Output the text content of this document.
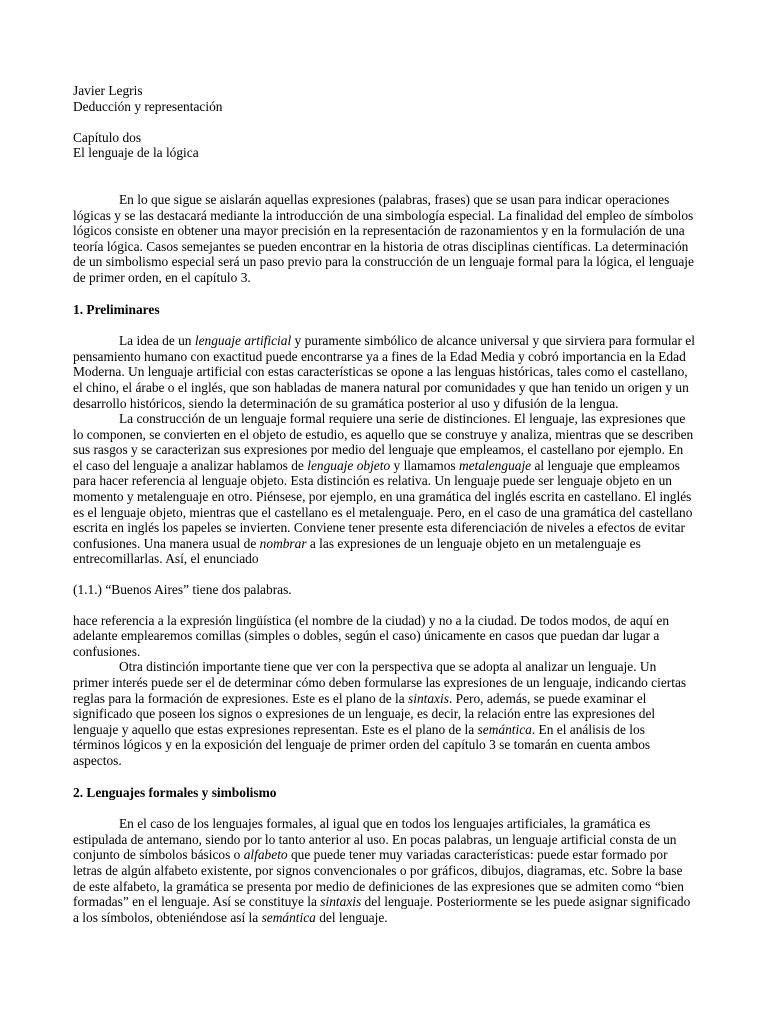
Javier Legris

Deducción y representación

Capítulo dos

El lenguaje de la lógica

En lo que sigue se aislarán aquellas expresiones (palabras, frases) que se usan para indicar operaciones lógicas y se las destacará mediante la introducción de una simbología especial. La finalidad del empleo de símbolos lógicos consiste en obtener una mayor precisión en la representación de razonamientos y en la formulación de una teoría lógica. Casos semejantes se pueden encontrar en la historia de otras disciplinas científicas. La determinación de un simbolismo especial será un paso previo para la construcción de un lenguaje formal para la lógica, el lenguaje de primer orden, en el capítulo 3.

1. Preliminares

La idea de un lenguaje artificial y puramente simbólico de alcance universal y que sirviera para formular el pensamiento humano con exactitud puede encontrarse ya a fines de la Edad Media y cobró importancia en la Edad Moderna. Un lenguaje artificial con estas características se opone a las lenguas históricas, tales como el castellano, el chino, el árabe o el inglés, que son habladas de manera natural por comunidades y que han tenido un origen y un desarrollo históricos, siendo la determinación de su gramática posterior al uso y difusión de la lengua.

La construcción de un lenguaje formal requiere una serie de distinciones. El lenguaje, las expresiones que lo componen, se convierten en el objeto de estudio, es aquello que se construye y analiza, mientras que se describen sus rasgos y se caracterizan sus expresiones por medio del lenguaje que empleamos, el castellano por ejemplo. En el caso del lenguaje a analizar hablamos de lenguaje objeto y llamamos metalenguaje al lenguaje que empleamos para hacer referencia al lenguaje objeto. Esta distinción es relativa. Un lenguaje puede ser lenguaje objeto en un momento y metalenguaje en otro. Piénsese, por ejemplo, en una gramática del inglés escrita en castellano. El inglés es el lenguaje objeto, mientras que el castellano es el metalenguaje. Pero, en el caso de una gramática del castellano escrita en inglés los papeles se invierten. Conviene tener presente esta diferenciación de niveles a efectos de evitar confusiones. Una manera usual de nombrar a las expresiones de un lenguaje objeto en un metalenguaje es entrecomillarlas. Así, el enunciado

(1.1.) “Buenos Aires” tiene dos palabras.

hace referencia a la expresión lingüística (el nombre de la ciudad) y no a la ciudad. De todos modos, de aquí en adelante emplearemos comillas (simples o dobles, según el caso) únicamente en casos que puedan dar lugar a confusiones.

Otra distinción importante tiene que ver con la perspectiva que se adopta al analizar un lenguaje. Un primer interés puede ser el de determinar cómo deben formularse las expresiones de un lenguaje, indicando ciertas reglas para la formación de expresiones. Este es el plano de la sintaxis. Pero, además, se puede examinar el significado que poseen los signos o expresiones de un lenguaje, es decir, la relación entre las expresiones del lenguaje y aquello que estas expresiones representan. Este es el plano de la semántica. En el análisis de los términos lógicos y en la exposición del lenguaje de primer orden del capítulo 3 se tomarán en cuenta ambos aspectos.

2. Lenguajes formales y simbolismo

En el caso de los lenguajes formales, al igual que en todos los lenguajes artificiales, la gramática es estipulada de antemano, siendo por lo tanto anterior al uso. En pocas palabras, un lenguaje artificial consta de un conjunto de símbolos básicos o alfabeto que puede tener muy variadas características: puede estar formado por letras de algún alfabeto existente, por signos convencionales o por gráficos, dibujos, diagramas, etc. Sobre la base de este alfabeto, la gramática se presenta por medio de definiciones de las expresiones que se admiten como “bien formadas” en el lenguaje. Así se constituye la sintaxis del lenguaje. Posteriormente se les puede asignar significado a los símbolos, obteniéndose así la semántica del lenguaje.
